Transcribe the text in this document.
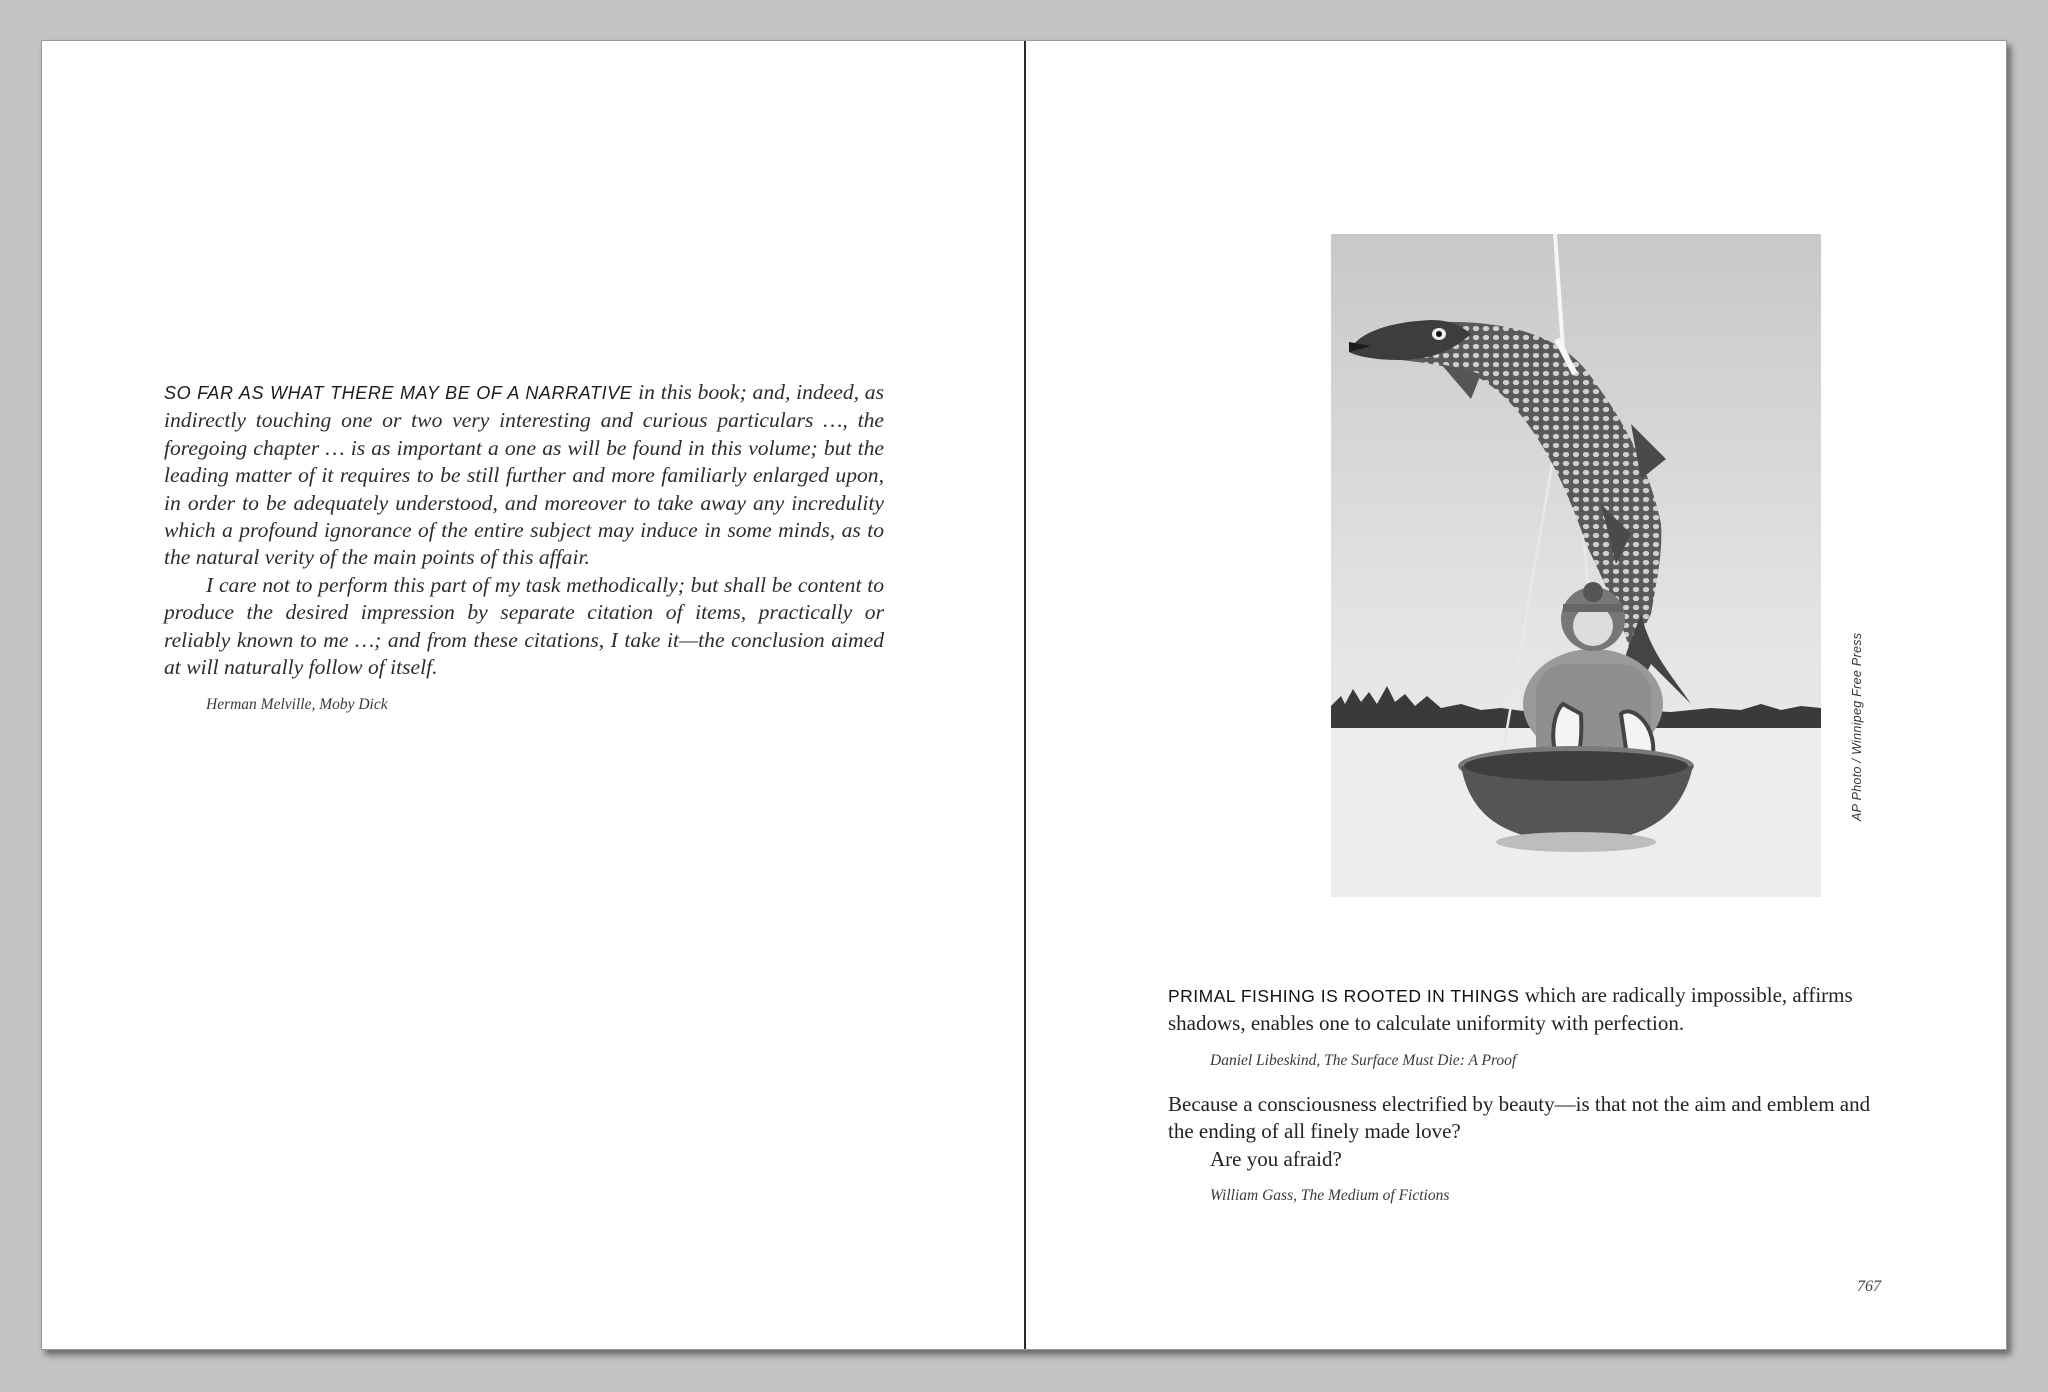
SO FAR AS WHAT THERE MAY BE OF A NARRATIVE in this book; and, indeed, as indirectly touching one or two very interesting and curious particulars …, the foregoing chapter … is as important a one as will be found in this volume; but the leading matter of it requires to be still further and more familiarly enlarged upon, in order to be adequately understood, and moreover to take away any incredulity which a profound ignorance of the entire subject may induce in some minds, as to the natural verity of the main points of this affair.

I care not to perform this part of my task methodically; but shall be content to produce the desired impression by separate citation of items, practically or reliably known to me …; and from these citations, I take it—the conclusion aimed at will naturally follow of itself.

Herman Melville, Moby Dick	AP Photo / Winnipeg Free Press

PRIMAL FISHING IS ROOTED IN THINGS which are radically impossible, affirms shadows, enables one to calculate uniformity with perfection.

Daniel Libeskind, The Surface Must Die: A Proof

Because a consciousness electrified by beauty—is that not the aim and emblem and the ending of all finely made love?

Are you afraid?

William Gass, The Medium of Fictions
767
